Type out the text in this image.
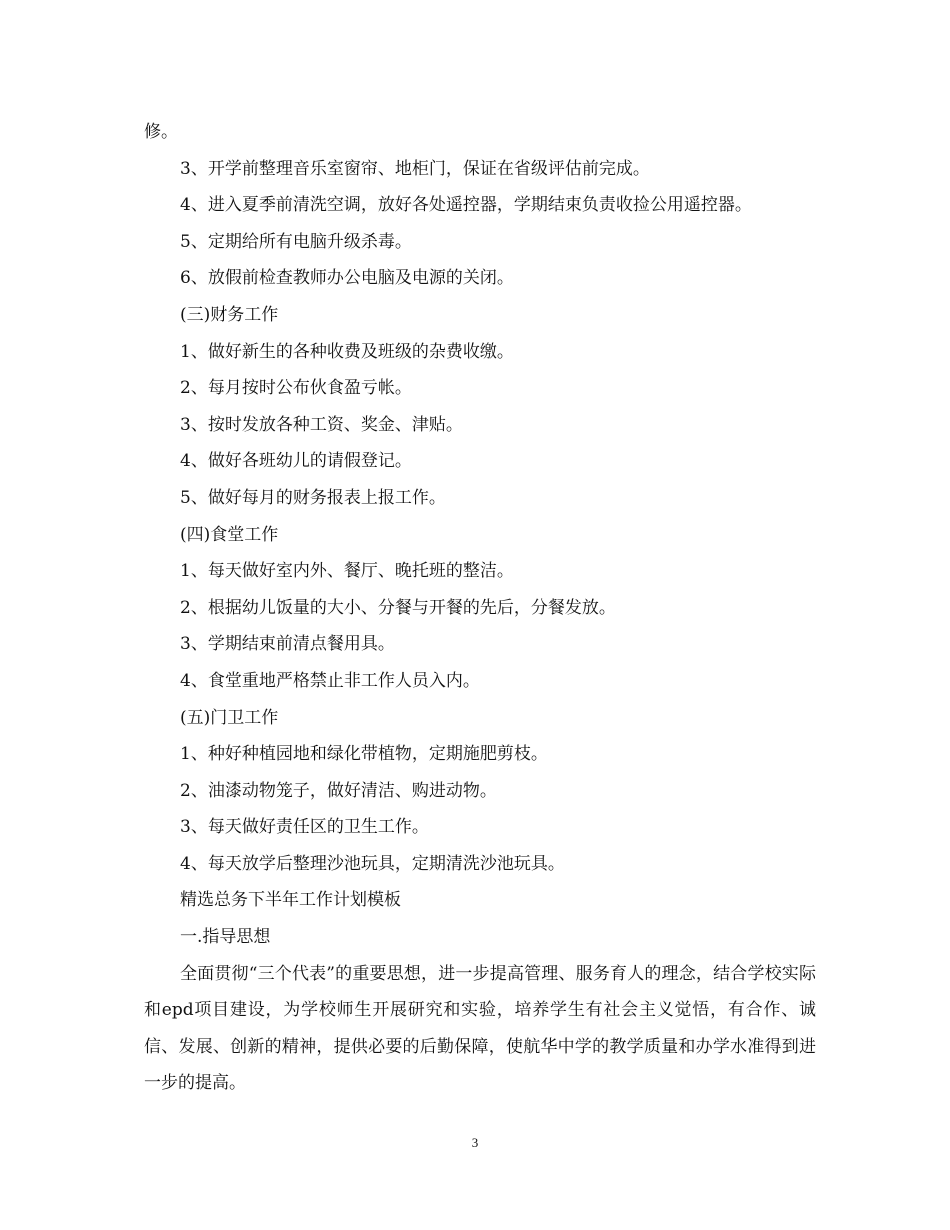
修。
3、开学前整理音乐室窗帘、地柜门，保证在省级评估前完成。
4、进入夏季前清洗空调，放好各处遥控器，学期结束负责收捡公用遥控器。
5、定期给所有电脑升级杀毒。
6、放假前检查教师办公电脑及电源的关闭。
(三)财务工作
1、做好新生的各种收费及班级的杂费收缴。
2、每月按时公布伙食盈亏帐。
3、按时发放各种工资、奖金、津贴。
4、做好各班幼儿的请假登记。
5、做好每月的财务报表上报工作。
(四)食堂工作
1、每天做好室内外、餐厅、晚托班的整洁。
2、根据幼儿饭量的大小、分餐与开餐的先后，分餐发放。
3、学期结束前清点餐用具。
4、食堂重地严格禁止非工作人员入内。
(五)门卫工作
1、种好种植园地和绿化带植物，定期施肥剪枝。
2、油漆动物笼子，做好清洁、购进动物。
3、每天做好责任区的卫生工作。
4、每天放学后整理沙池玩具，定期清洗沙池玩具。
精选总务下半年工作计划模板
一.指导思想

全面贯彻“三个代表”的重要思想，进一步提高管理、服务育人的理念，结合学校实际和epd项目建设，为学校师生开展研究和实验，培养学生有社会主义觉悟，有合作、诚信、发展、创新的精神，提供必要的后勤保障，使航华中学的教学质量和办学水准得到进一步的提高。

3
